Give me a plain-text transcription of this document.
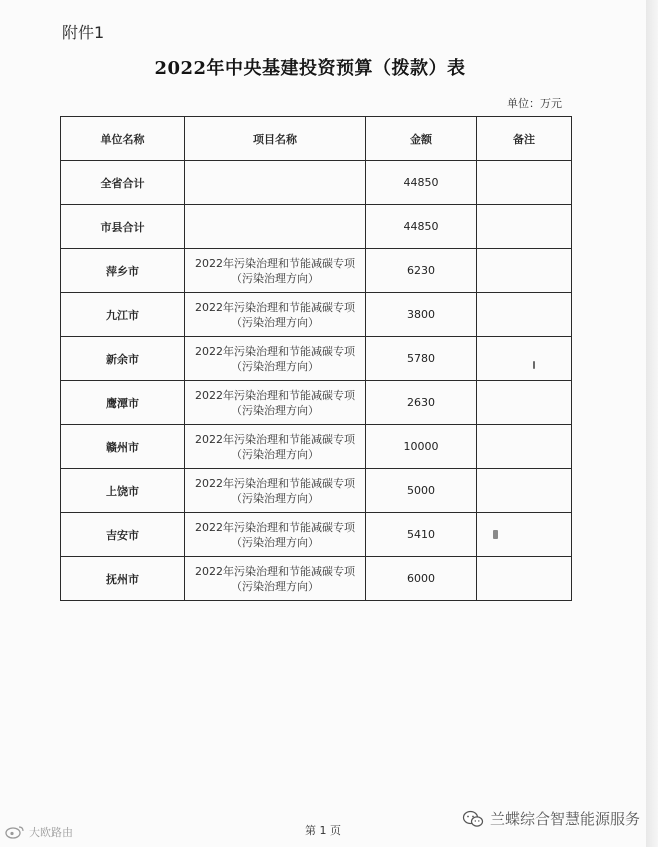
附件1
2022年中央基建投资预算（拨款）表
单位：万元
单位名称	项目名称	金额	备注
全省合计		44850	
市县合计		44850	
萍乡市	2022年污染治理和节能减碳专项
（污染治理方向）	6230	
九江市	2022年污染治理和节能减碳专项
（污染治理方向）	3800	
新余市	2022年污染治理和节能减碳专项
（污染治理方向）	5780	
鹰潭市	2022年污染治理和节能减碳专项
（污染治理方向）	2630	
赣州市	2022年污染治理和节能减碳专项
（污染治理方向）	10000	
上饶市	2022年污染治理和节能减碳专项
（污染治理方向）	5000	
吉安市	2022年污染治理和节能减碳专项
（污染治理方向）	5410	
抚州市	2022年污染治理和节能减碳专项
（污染治理方向）	6000	
第 1 页
大欧路由
兰蝶综合智慧能源服务
